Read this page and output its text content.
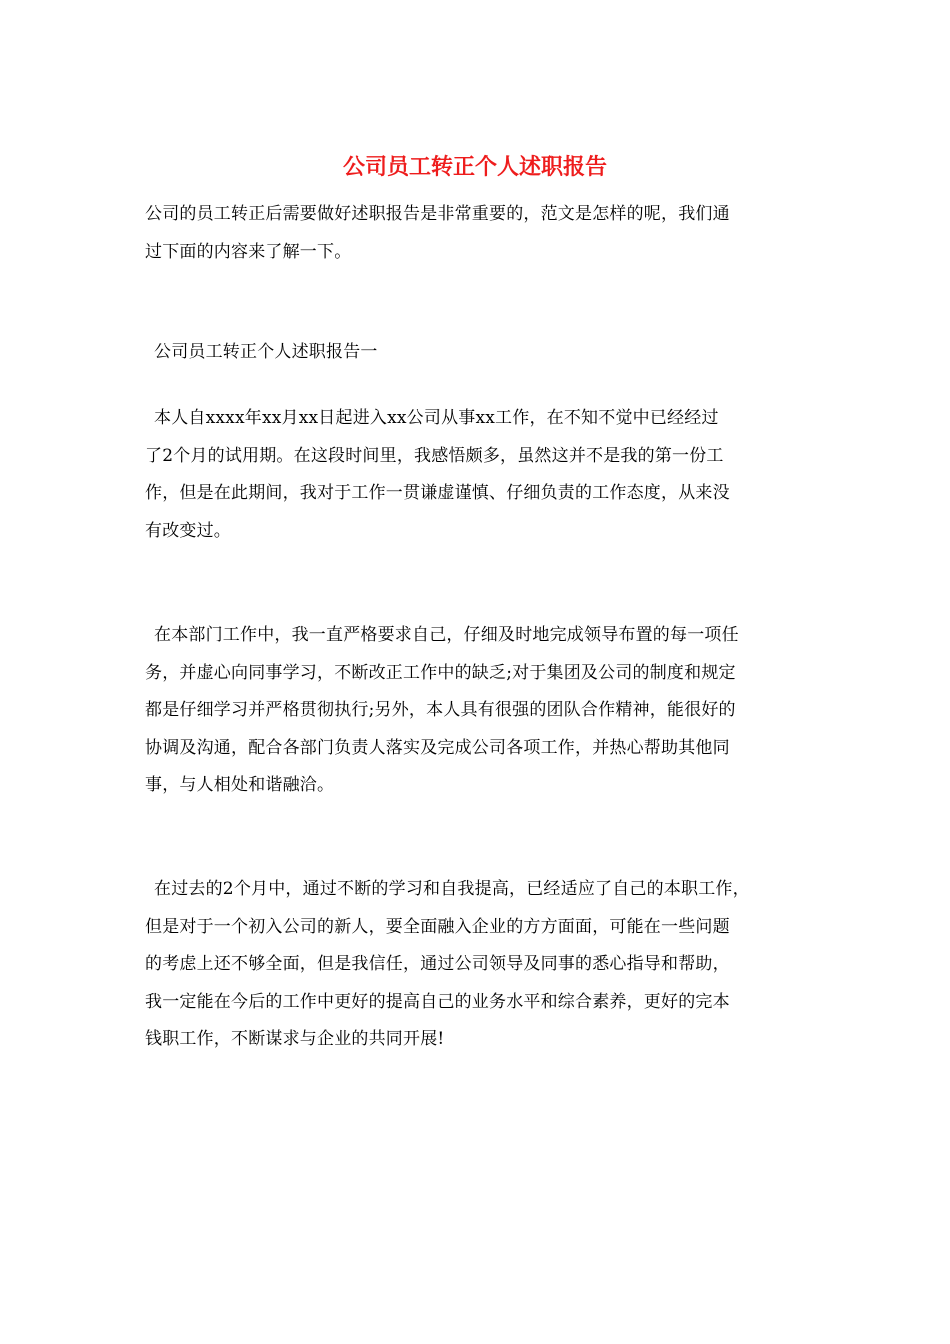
公司员工转正个人述职报告
公司的员工转正后需要做好述职报告是非常重要的，范文是怎样的呢，我们通
过下面的内容来了解一下。
公司员工转正个人述职报告一
本人自xxxx年xx月xx日起进入xx公司从事xx工作，在不知不觉中已经经过
了2个月的试用期。在这段时间里，我感悟颇多，虽然这并不是我的第一份工
作，但是在此期间，我对于工作一贯谦虚谨慎、仔细负责的工作态度，从来没
有改变过。
在本部门工作中，我一直严格要求自己，仔细及时地完成领导布置的每一项任
务，并虚心向同事学习，不断改正工作中的缺乏;对于集团及公司的制度和规定
都是仔细学习并严格贯彻执行;另外，本人具有很强的团队合作精神，能很好的
协调及沟通，配合各部门负责人落实及完成公司各项工作，并热心帮助其他同
事，与人相处和谐融洽。
在过去的2个月中，通过不断的学习和自我提高，已经适应了自己的本职工作，
但是对于一个初入公司的新人，要全面融入企业的方方面面，可能在一些问题
的考虑上还不够全面，但是我信任，通过公司领导及同事的悉心指导和帮助，
我一定能在今后的工作中更好的提高自己的业务水平和综合素养，更好的完本
钱职工作，不断谋求与企业的共同开展!
